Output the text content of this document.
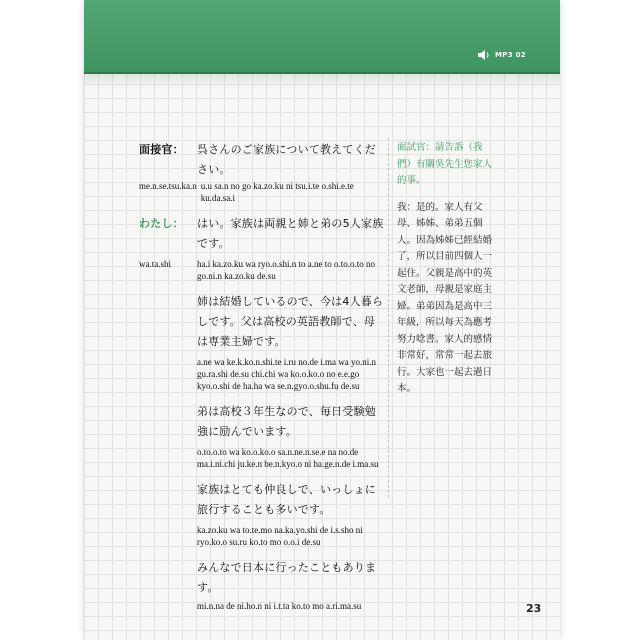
MP3 02
面接官：	呉さんのご家族について教えてください。
me.n.se.tsu.ka.n u.u sa.n no go ka.zo.ku ni tsu.i.te o.shi.e.te ku.da.sa.i
わたし：	はい。家族は両親と姉と弟の5人家族です。
wa.ta.shi	ha.i ka.zo.ku wa ryo.o.shi.n to a.ne to o.to.o.to no go.ni.n ka.zo.ku de.su
姉は結婚しているので、今は4人暮らしです。父は高校の英語教師で、母は専業主婦です。
a.ne wa ke.k.ko.n.shi.te i.ru no.de i.ma wa yo.ni.n gu.ra.shi de.su chi.chi wa ko.o.ko.o no e.e.go kyo.o.shi de ha.ha wa se.n.gyo.o.shu.fu de.su
弟は高校３年生なので、毎日受験勉強に励んでいます。
o.to.o.to wa ko.o.ko.o sa.n.ne.n.se.e na no.de ma.i.ni.chi ju.ke.n be.n.kyo.o ni ha.ge.n.de i.ma.su
家族はとても仲良しで、いっしょに旅行することも多いです。
ka.zo.ku wa to.te.mo na.ka.yo.shi de i.s.sho ni ryo.ko.o su.ru ko.to mo o.o.i de.su
みんなで日本に行ったこともあります。
mi.n.na de ni.ho.n ni i.t.ta ko.to mo a.ri.ma.su
面試官：請告訴（我們）有關吳先生您家人的事。
我：是的。家人有父母、姊姊、弟弟五個人。因為姊姊已經結婚了，所以目前四個人一起住。父親是高中的英文老師，母親是家庭主婦。弟弟因為是高中三年級，所以每天為應考努力唸書。家人的感情非常好，常常一起去旅行。大家也一起去過日本。
23
